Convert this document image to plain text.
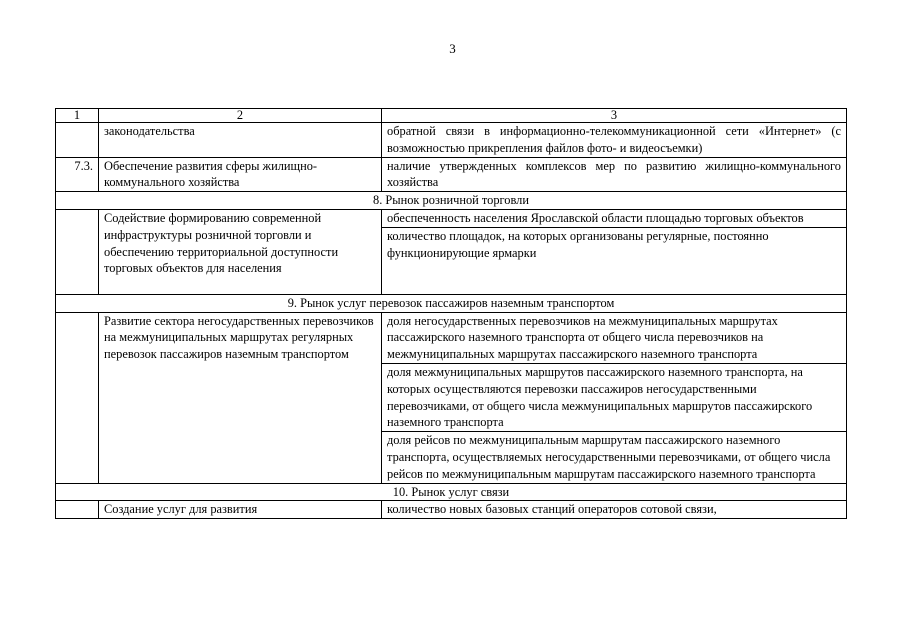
3
1	2	3
	законодательства	обратной связи в информационно-телекоммуникационной сети «Интернет» (с возможностью прикрепления файлов фото- и видеосъемки)
7.3.	Обеспечение развития сферы жилищно-коммунального хозяйства	наличие утвержденных комплексов мер по развитию жилищно-коммунального хозяйства
8. Рынок розничной торговли		
	Содействие формированию современной инфраструктуры розничной торговли и обеспечению территориальной доступности торговых объектов для населения	обеспеченность населения Ярославской области площадью торговых объектов
		количество площадок, на которых организованы регулярные, постоянно функционирующие ярмарки
9. Рынок услуг перевозок пассажиров наземным транспортом		
	Развитие сектора негосударственных перевозчиков на межмуниципальных маршрутах регулярных перевозок пассажиров наземным транспортом	доля негосударственных перевозчиков на межмуниципальных маршрутах пассажирского наземного транспорта от общего числа перевозчиков на межмуниципальных маршрутах пассажирского наземного транспорта
		доля межмуниципальных маршрутов пассажирского наземного транспорта, на которых осуществляются перевозки пассажиров негосударственными перевозчиками, от общего числа межмуниципальных маршрутов пассажирского наземного транспорта
		доля рейсов по межмуниципальным маршрутам пассажирского наземного транспорта, осуществляемых негосударственными перевозчиками, от общего числа рейсов по межмуниципальным маршрутам пассажирского наземного транспорта
10. Рынок услуг связи		
	Создание услуг для развития	количество новых базовых станций операторов сотовой связи,
